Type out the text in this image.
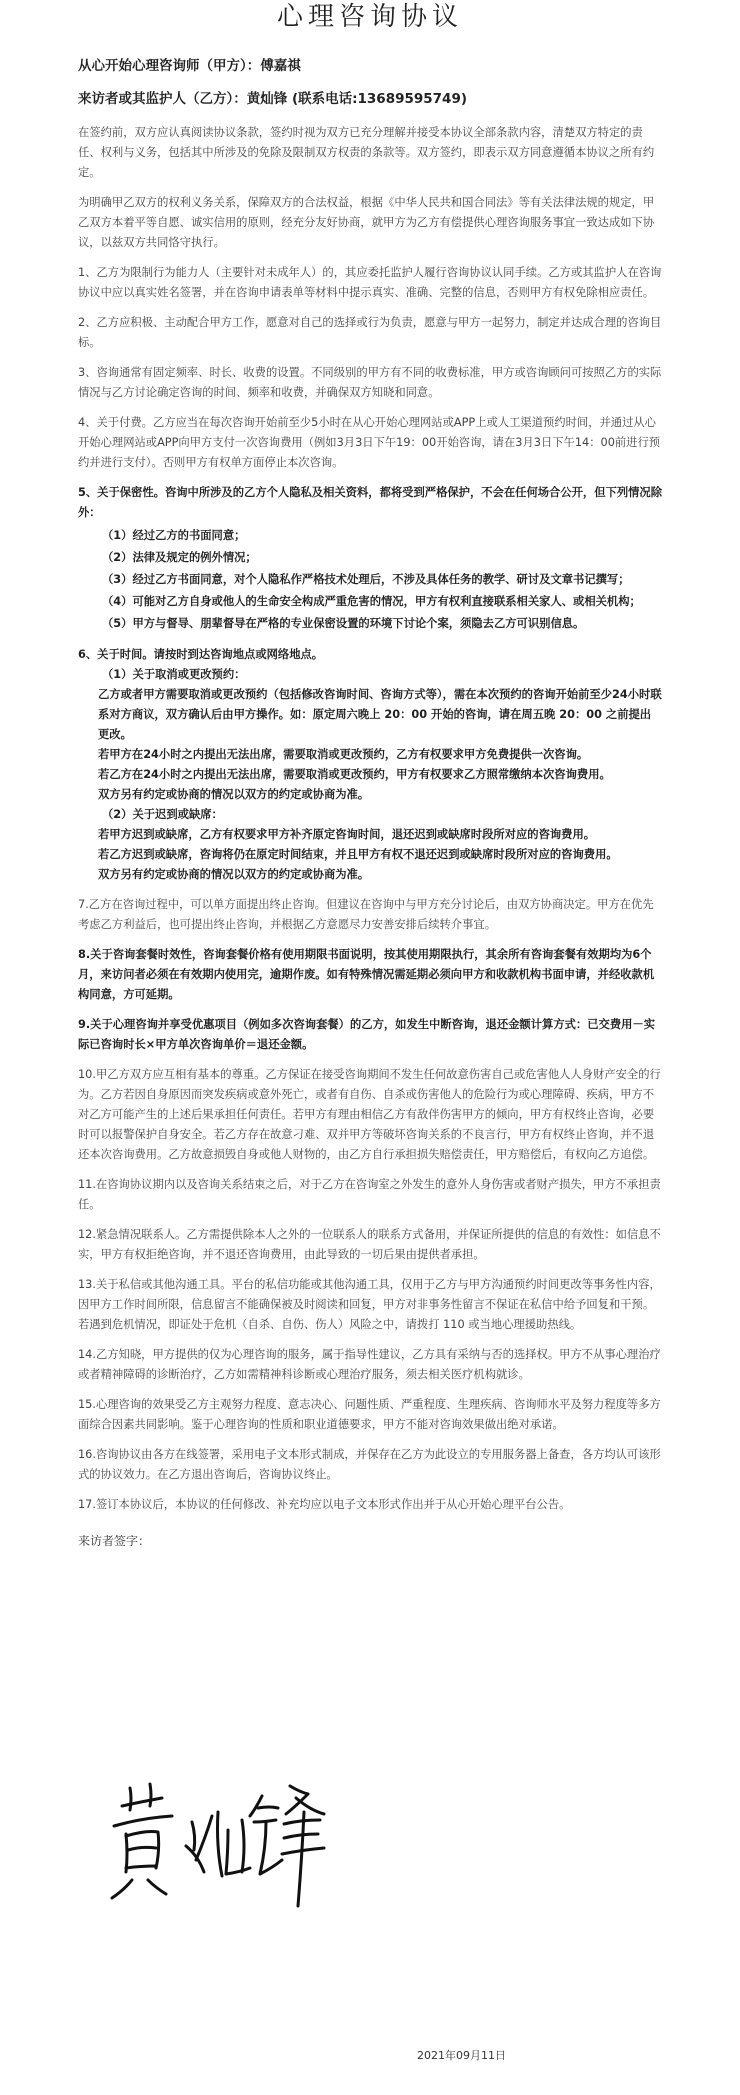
心理咨询协议

从心开始心理咨询师（甲方）：傅嘉祺

来访者或其监护人（乙方）：黄灿锋 (联系电话:13689595749)

在签约前，双方应认真阅读协议条款，签约时视为双方已充分理解并接受本协议全部条款内容，清楚双方特定的责任、权利与义务，包括其中所涉及的免除及限制双方权责的条款等。双方签约，即表示双方同意遵循本协议之所有约定。

为明确甲乙双方的权利义务关系，保障双方的合法权益，根据《中华人民共和国合同法》等有关法律法规的规定，甲乙双方本着平等自愿、诚实信用的原则，经充分友好协商，就甲方为乙方有偿提供心理咨询服务事宜一致达成如下协议，以兹双方共同恪守执行。

1、乙方为限制行为能力人（主要针对未成年人）的，其应委托监护人履行咨询协议认同手续。乙方或其监护人在咨询协议中应以真实姓名签署，并在咨询申请表单等材料中提示真实、准确、完整的信息，否则甲方有权免除相应责任。

2、乙方应积极、主动配合甲方工作，愿意对自己的选择或行为负责，愿意与甲方一起努力，制定并达成合理的咨询目标。

3、咨询通常有固定频率、时长、收费的设置。不同级别的甲方有不同的收费标准，甲方或咨询顾问可按照乙方的实际情况与乙方讨论确定咨询的时间、频率和收费，并确保双方知晓和同意。

4、关于付费。乙方应当在每次咨询开始前至少5小时在从心开始心理网站或APP上或人工渠道预约时间，并通过从心开始心理网站或APP向甲方支付一次咨询费用（例如3月3日下午19：00开始咨询，请在3月3日下午14：00前进行预约并进行支付）。否则甲方有权单方面停止本次咨询。

5、关于保密性。咨询中所涉及的乙方个人隐私及相关资料，都将受到严格保护，不会在任何场合公开，但下列情况除外：

（1）经过乙方的书面同意；
（2）法律及规定的例外情况；
（3）经过乙方书面同意，对个人隐私作严格技术处理后，不涉及具体任务的教学、研讨及文章书记撰写；
（4）可能对乙方自身或他人的生命安全构成严重危害的情况，甲方有权利直接联系相关家人、或相关机构；
（5）甲方与督导、朋辈督导在严格的专业保密设置的环境下讨论个案，须隐去乙方可识别信息。

6、关于时间。请按时到达咨询地点或网络地点。

（1）关于取消或更改预约：

乙方或者甲方需要取消或更改预约（包括修改咨询时间、咨询方式等），需在本次预约的咨询开始前至少24小时联系对方商议，双方确认后由甲方操作。如：原定周六晚上 20：00 开始的咨询，请在周五晚 20：00 之前提出更改。

若甲方在24小时之内提出无法出席，需要取消或更改预约，乙方有权要求甲方免费提供一次咨询。

若乙方在24小时之内提出无法出席，需要取消或更改预约，甲方有权要求乙方照常缴纳本次咨询费用。

双方另有约定或协商的情况以双方的约定或协商为准。

（2）关于迟到或缺席：

若甲方迟到或缺席，乙方有权要求甲方补齐原定咨询时间，退还迟到或缺席时段所对应的咨询费用。

若乙方迟到或缺席，咨询将仍在原定时间结束，并且甲方有权不退还迟到或缺席时段所对应的咨询费用。

双方另有约定或协商的情况以双方的约定或协商为准。

7.乙方在咨询过程中，可以单方面提出终止咨询。但建议在咨询中与甲方充分讨论后，由双方协商决定。甲方在优先考虑乙方利益后，也可提出终止咨询，并根据乙方意愿尽力安善安排后续转介事宜。

8.关于咨询套餐时效性，咨询套餐价格有使用期限书面说明，按其使用期限执行，其余所有咨询套餐有效期均为6个月，来访问者必须在有效期内使用完，逾期作废。如有特殊情况需延期必须向甲方和收款机构书面申请，并经收款机构同意，方可延期。

9.关于心理咨询并享受优惠项目（例如多次咨询套餐）的乙方，如发生中断咨询，退还金额计算方式：已交费用－实际已咨询时长×甲方单次咨询单价＝退还金额。

10.甲乙方双方应互相有基本的尊重。乙方保证在接受咨询期间不发生任何故意伤害自己或危害他人人身财产安全的行为。乙方若因自身原因而突发疾病或意外死亡，或者有自伤、自杀或伤害他人的危险行为或心理障碍、疾病，甲方不对乙方可能产生的上述后果承担任何责任。若甲方有理由相信乙方有敌伴伤害甲方的倾向，甲方有权终止咨询，必要时可以报警保护自身安全。若乙方存在故意刁难、双并甲方等破坏咨询关系的不良言行，甲方有权终止咨询，并不退还本次咨询费用。乙方故意损毁自身或他人财物的，由乙方自行承担损失赔偿责任，甲方赔偿后，有权向乙方追偿。

11.在咨询协议期内以及咨询关系结束之后，对于乙方在咨询室之外发生的意外人身伤害或者财产损失，甲方不承担责任。

12.紧急情况联系人。乙方需提供除本人之外的一位联系人的联系方式备用，并保证所提供的信息的有效性：如信息不实，甲方有权拒绝咨询，并不退还咨询费用，由此导致的一切后果由提供者承担。

13.关于私信或其他沟通工具。平台的私信功能或其他沟通工具，仅用于乙方与甲方沟通预约时间更改等事务性内容，因甲方工作时间所限，信息留言不能确保被及时阅读和回复，甲方对非事务性留言不保证在私信中给予回复和干预。若遇到危机情况，即证处于危机（自杀、自伤、伤人）风险之中，请拨打 110 或当地心理援助热线。

14.乙方知晓，甲方提供的仅为心理咨询的服务，属于指导性建议，乙方具有采纳与否的选择权。甲方不从事心理治疗或者精神障碍的诊断治疗，乙方如需精神科诊断或心理治疗服务，须去相关医疗机构就诊。

15.心理咨询的效果受乙方主观努力程度、意志决心、问题性质、严重程度、生理疾病、咨询师水平及努力程度等多方面综合因素共同影响。鉴于心理咨询的性质和职业道德要求，甲方不能对咨询效果做出绝对承诺。

16.咨询协议由各方在线签署，采用电子文本形式制成，并保存在乙方为此设立的专用服务器上备查，各方均认可该形式的协议效力。在乙方退出咨询后，咨询协议终止。

17.签订本协议后，本协议的任何修改、补充均应以电子文本形式作出并于从心开始心理平台公告。

来访者签字：
2021年09月11日
